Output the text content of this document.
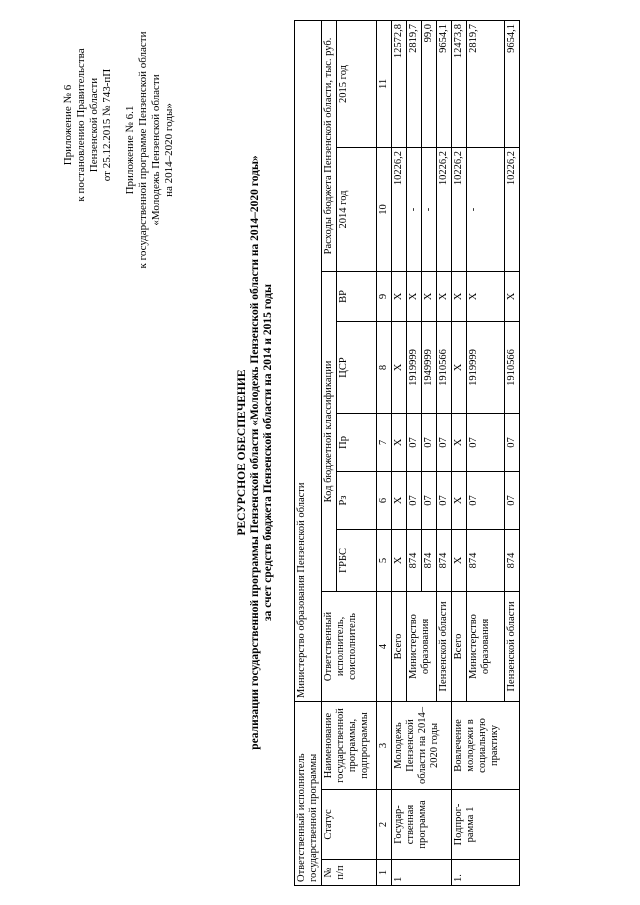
Приложение № 6 к постановлению Правительства Пензенской области от 25.12.2015 № 743-пП Приложение № 6.1 к государственной программе Пензенской области «Молодежь Пензенской области на 2014–2020 годы»
РЕСУРСНОЕ ОБЕСПЕЧЕНИЕ реализации государственной программы Пензенской области «Молодежь Пензенской области на 2014–2020 годы» за счет средств бюджета Пензенской области на 2014 и 2015 годы
Ответственный исполнитель государственной программы			Министерство образования Пензенской области							
№ п/п	Статус	Наименование государственной программы, подпрограммы	Ответственный исполнитель, соисполнитель	Код бюджетной классификации					Расходы бюджета Пензенской области, тыс. руб.	
				ГРБС	Рз	Пр	ЦСР	ВР	2014 год	2015 год
1	2	3	4	5	6	7	8	9	10	11
1	Государ-ственная программа	Молодежь Пензенской области на 2014–2020 годы	Всего	Х	Х	Х	Х	Х	10226,2	12572,8
			Министерство образования	874	07	07	1919999	Х	-	2819,7
				874	07	07	1949999	Х	-	99,0
			Пензенской области	874	07	07	1910566	Х	10226,2	9654,1
1.	Подпрог-рамма 1	Вовлечение молодежи в социальную практику	Всего	Х	Х	Х	Х	Х	10226,2	12473,8
			Министерство образования	874	07	07	1919999	Х	-	2819,7
			Пензенской области	874	07	07	1910566	Х	10226,2	9654,1
